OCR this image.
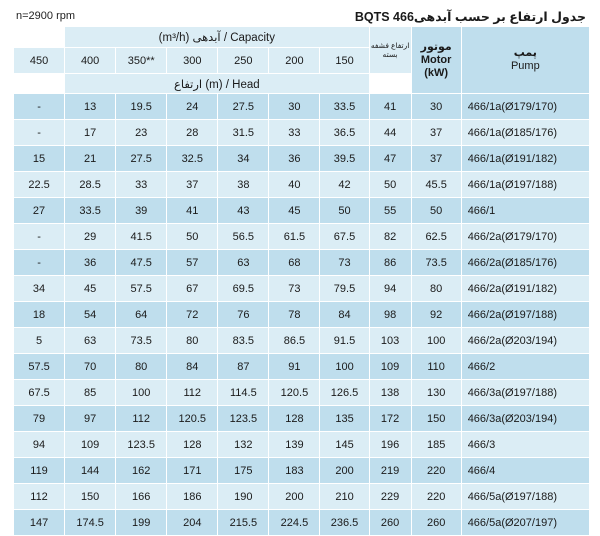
n=2900 rpm	جدول ارتفاع بر حسب آبدهیBQTS 466
	(m³/h) آبدهی / Capacity						ارتفاع فشفه بسته	موتور
Motor
(kW)	پمپ
Pump

450	400	350**	300	250	200	150			
	ارتفاع (m) / Head								
-	13	19.5	24	27.5	30	33.5	41	30	466/1a(Ø179/170)
-	17	23	28	31.5	33	36.5	44	37	466/1a(Ø185/176)
15	21	27.5	32.5	34	36	39.5	47	37	466/1a(Ø191/182)
22.5	28.5	33	37	38	40	42	50	45.5	466/1a(Ø197/188)
27	33.5	39	41	43	45	50	55	50	466/1
-	29	41.5	50	56.5	61.5	67.5	82	62.5	466/2a(Ø179/170)
-	36	47.5	57	63	68	73	86	73.5	466/2a(Ø185/176)
34	45	57.5	67	69.5	73	79.5	94	80	466/2a(Ø191/182)
18	54	64	72	76	78	84	98	92	466/2a(Ø197/188)
5	63	73.5	80	83.5	86.5	91.5	103	100	466/2a(Ø203/194)
57.5	70	80	84	87	91	100	109	110	466/2
67.5	85	100	112	114.5	120.5	126.5	138	130	466/3a(Ø197/188)
79	97	112	120.5	123.5	128	135	172	150	466/3a(Ø203/194)
94	109	123.5	128	132	139	145	196	185	466/3
119	144	162	171	175	183	200	219	220	466/4
112	150	166	186	190	200	210	229	220	466/5a(Ø197/188)
147	174.5	199	204	215.5	224.5	236.5	260	260	466/5a(Ø207/197)
